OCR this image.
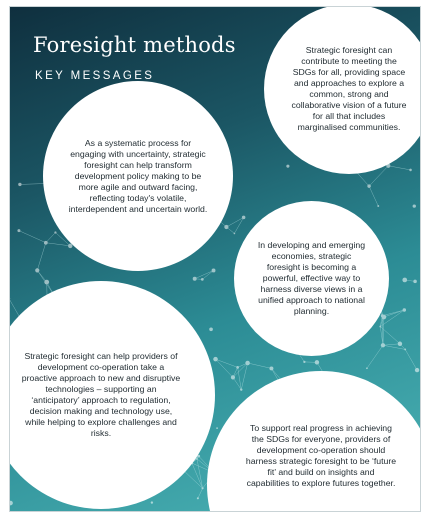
Foresight methods
KEY MESSAGES

Strategic foresight can contribute to meeting the SDGs for all, providing space and approaches to explore a common, strong and collaborative vision of a future for all that includes marginalised communities.

As a systematic process for engaging with uncertainty, strategic foresight can help transform development policy making to be more agile and outward facing, reflecting today's volatile, interdependent and uncertain world.

In developing and emerging economies, strategic foresight is becoming a powerful, effective way to harness diverse views in a unified approach to national planning.

Strategic foresight can help providers of development co-operation take a proactive approach to new and disruptive technologies – supporting an ‘anticipatory’ approach to regulation, decision making and technology use, while helping to explore challenges and risks.	To support real progress in achieving the SDGs for everyone, providers of development co-operation should harness strategic foresight to be ‘future fit’ and build on insights and capabilities to explore futures together.
